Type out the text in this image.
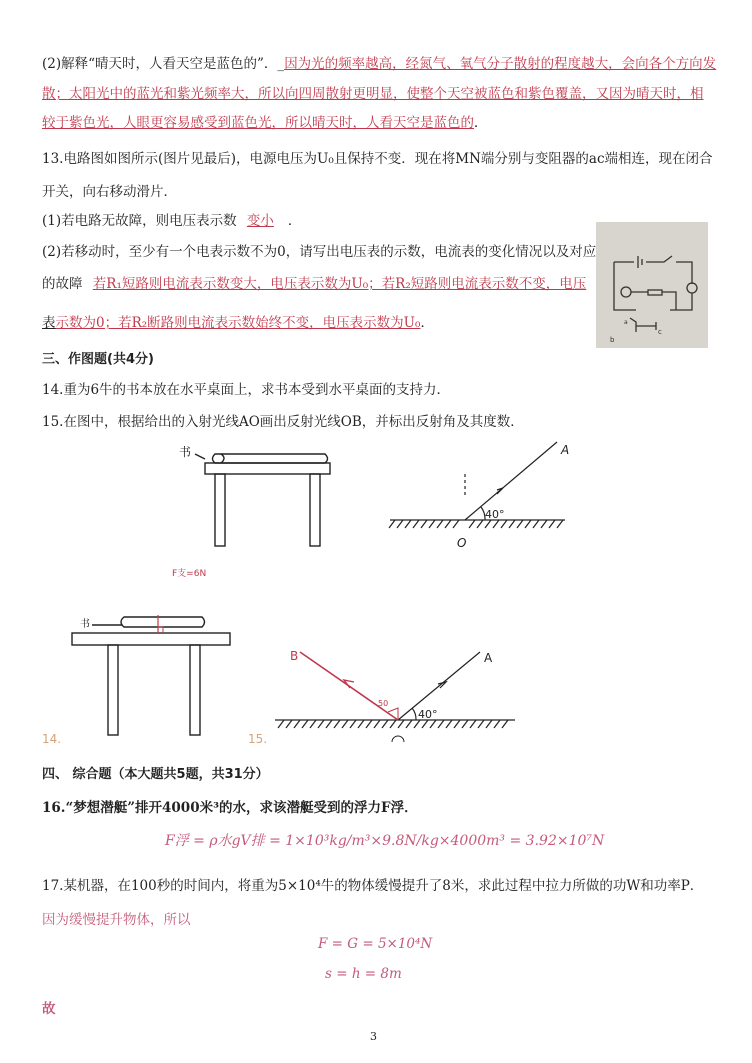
(2)解释“晴天时，人看天空是蓝色的”．_因为光的频率越高，经氮气、氧气分子散射的程度越大，会向各个方向发
散；太阳光中的蓝光和紫光频率大，所以向四周散射更明显，使整个天空被蓝色和紫色覆盖，又因为晴天时，相
较于紫色光，人眼更容易感受到蓝色光，所以晴天时，人看天空是蓝色的．
13.电路图如图所示(图片见最后)，电源电压为U₀且保持不变．现在将MN端分别与变阻器的ac端相连，现在闭合
开关，向右移动滑片．
(1)若电路无故障，则电压表示数 变小 ．
(2)若移动时，至少有一个电表示数不为0，请写出电压表的示数，电流表的变化情况以及对应
的故障 若R₁短路则电流表示数变大，电压表示数为U₀；若R₂短路则电流表示数不变，电压
表示数为0；若R₂断路则电流表示数始终不变，电压表示数为U₀．
b
c
a
三、作图题(共4分)
14.重为6牛的书本放在水平桌面上，求书本受到水平桌面的支持力．
15.在图中，根据给出的入射光线AO画出反射光线OB，并标出反射角及其度数．
书
F支=6N
A
O
40°
书
14.
B	A
40°
50
15.
四、 综合题（本大题共5题，共31分）
16.“梦想潜艇”排开4000米³的水，求该潜艇受到的浮力F浮．
F浮 = ρ水gV排 = 1×10³kg/m³×9.8N/kg×4000m³ = 3.92×10⁷N
17.某机器，在100秒的时间内，将重为5×10⁴牛的物体缓慢提升了8米，求此过程中拉力所做的功W和功率P．
因为缓慢提升物体，所以
F = G = 5×10⁴N
s = h = 8m
故
3
